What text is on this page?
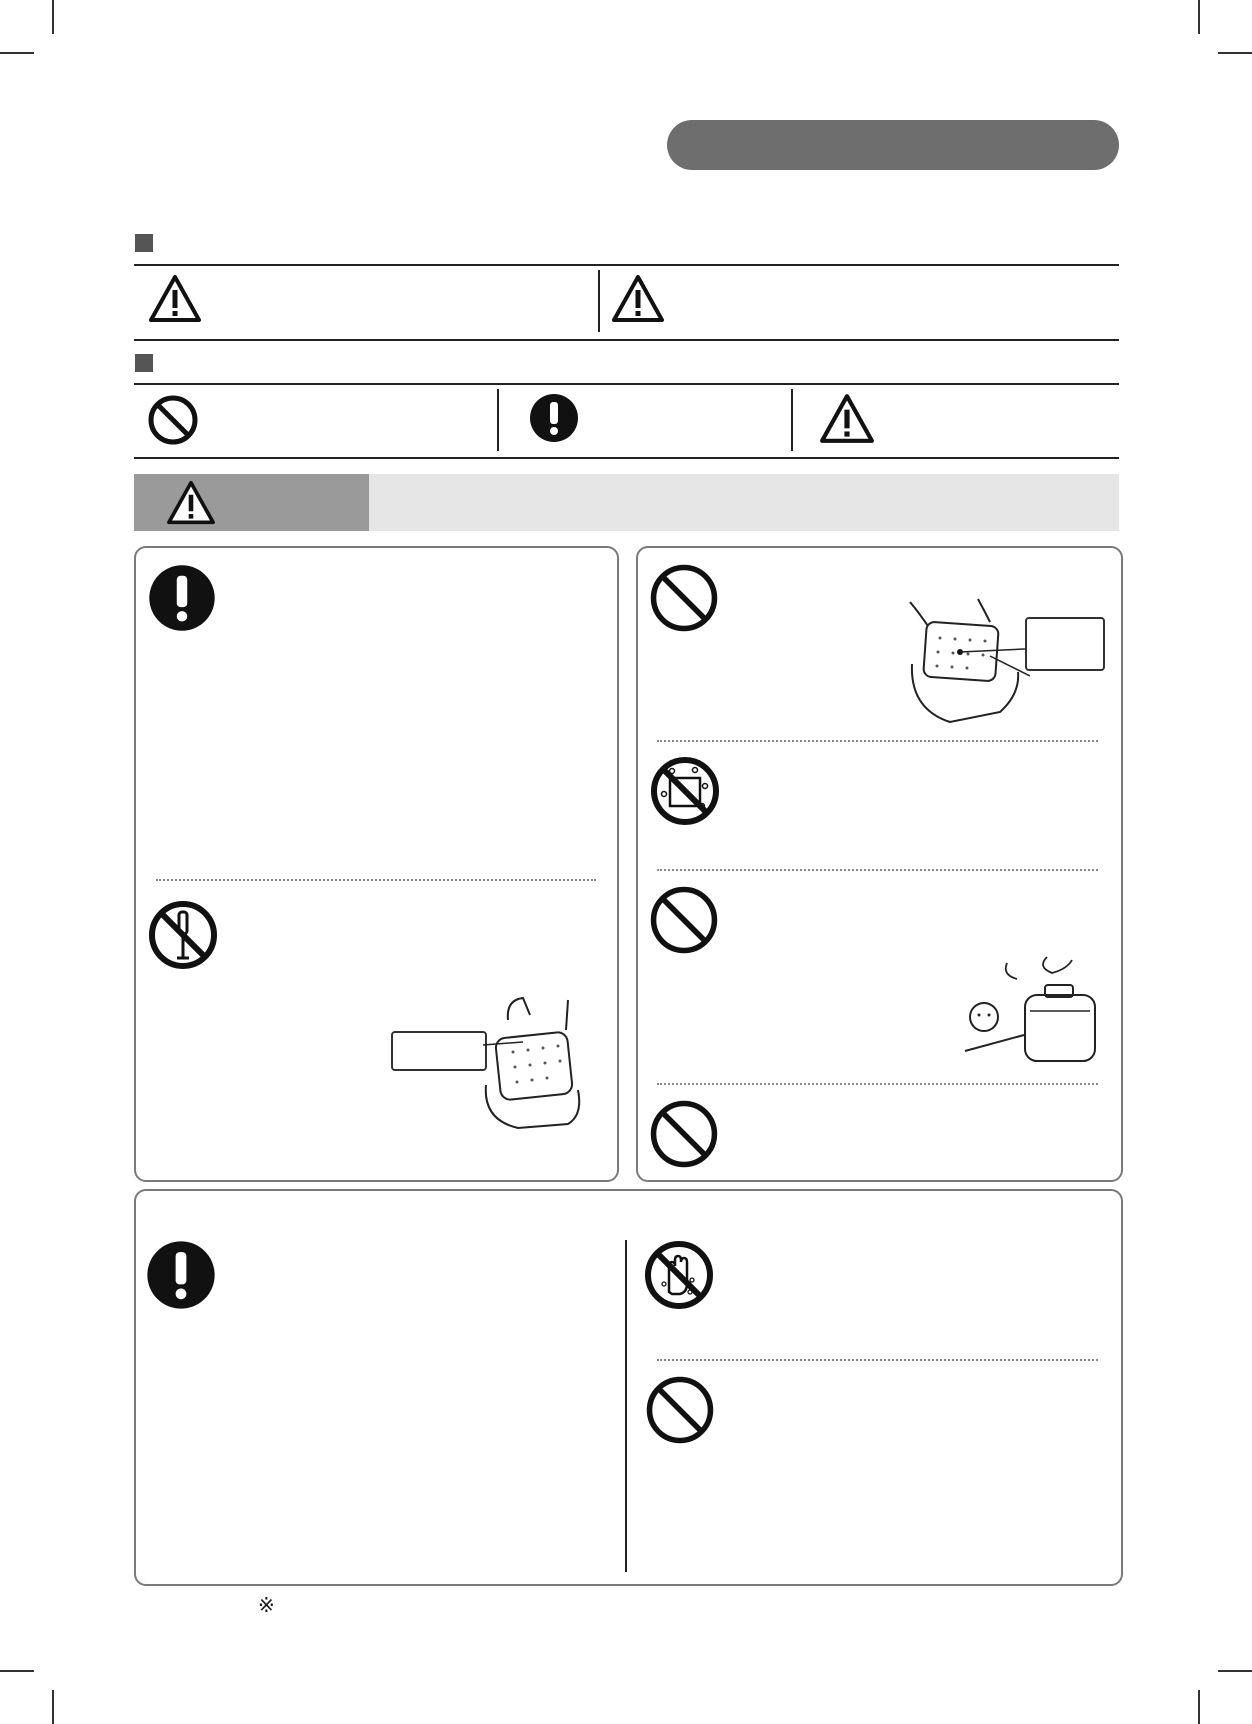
※
